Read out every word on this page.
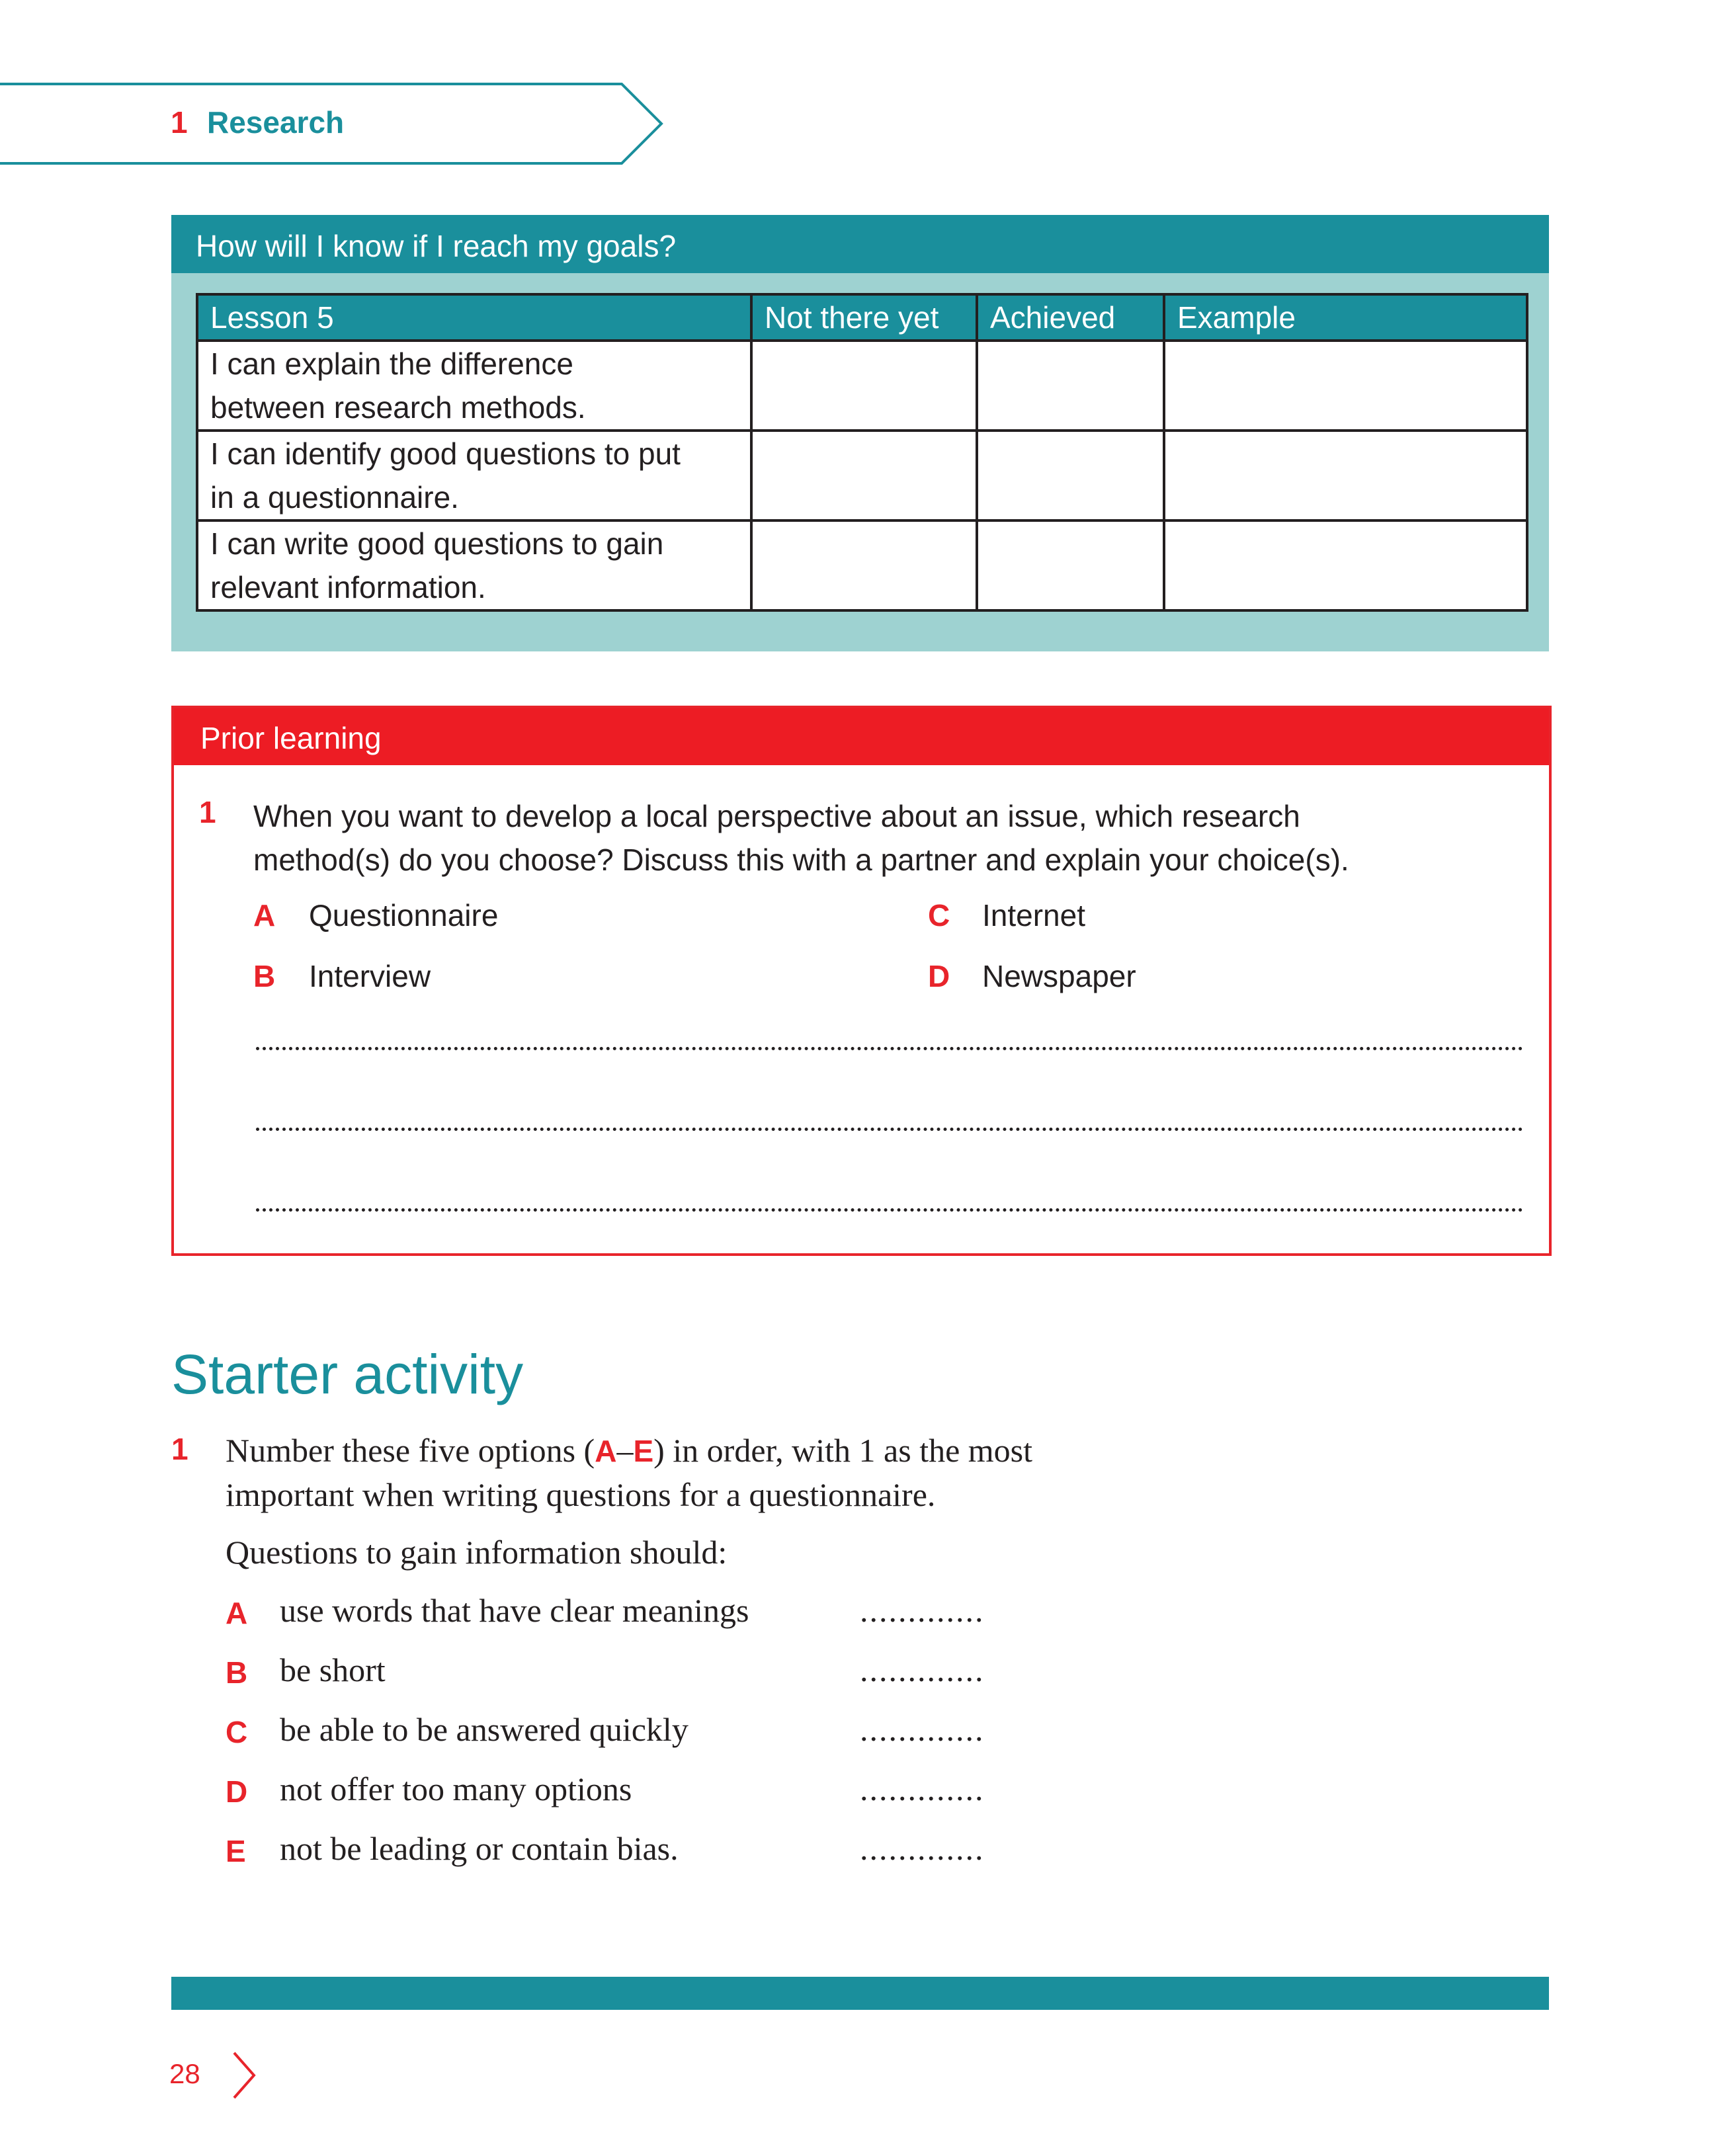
1 Research
How will I know if I reach my goals?
Lesson 5	Not there yet	Achieved	Example
I can explain the difference
between research methods.			
I can identify good questions to put
in a questionnaire.			
I can write good questions to gain
relevant information.			
Prior learning
1 When you want to develop a local perspective about an issue, which research
method(s) do you choose? Discuss this with a partner and explain your choice(s).
A Questionnaire
B Interview
C Internet
D Newspaper
Starter activity
1 Number these five options (A–E) in order, with 1 as the most
important when writing questions for a questionnaire.
Questions to gain information should:
A use words that have clear meanings	.............
B be short	.............
C be able to be answered quickly	.............
D not offer too many options	.............
E not be leading or contain bias.	.............
28
